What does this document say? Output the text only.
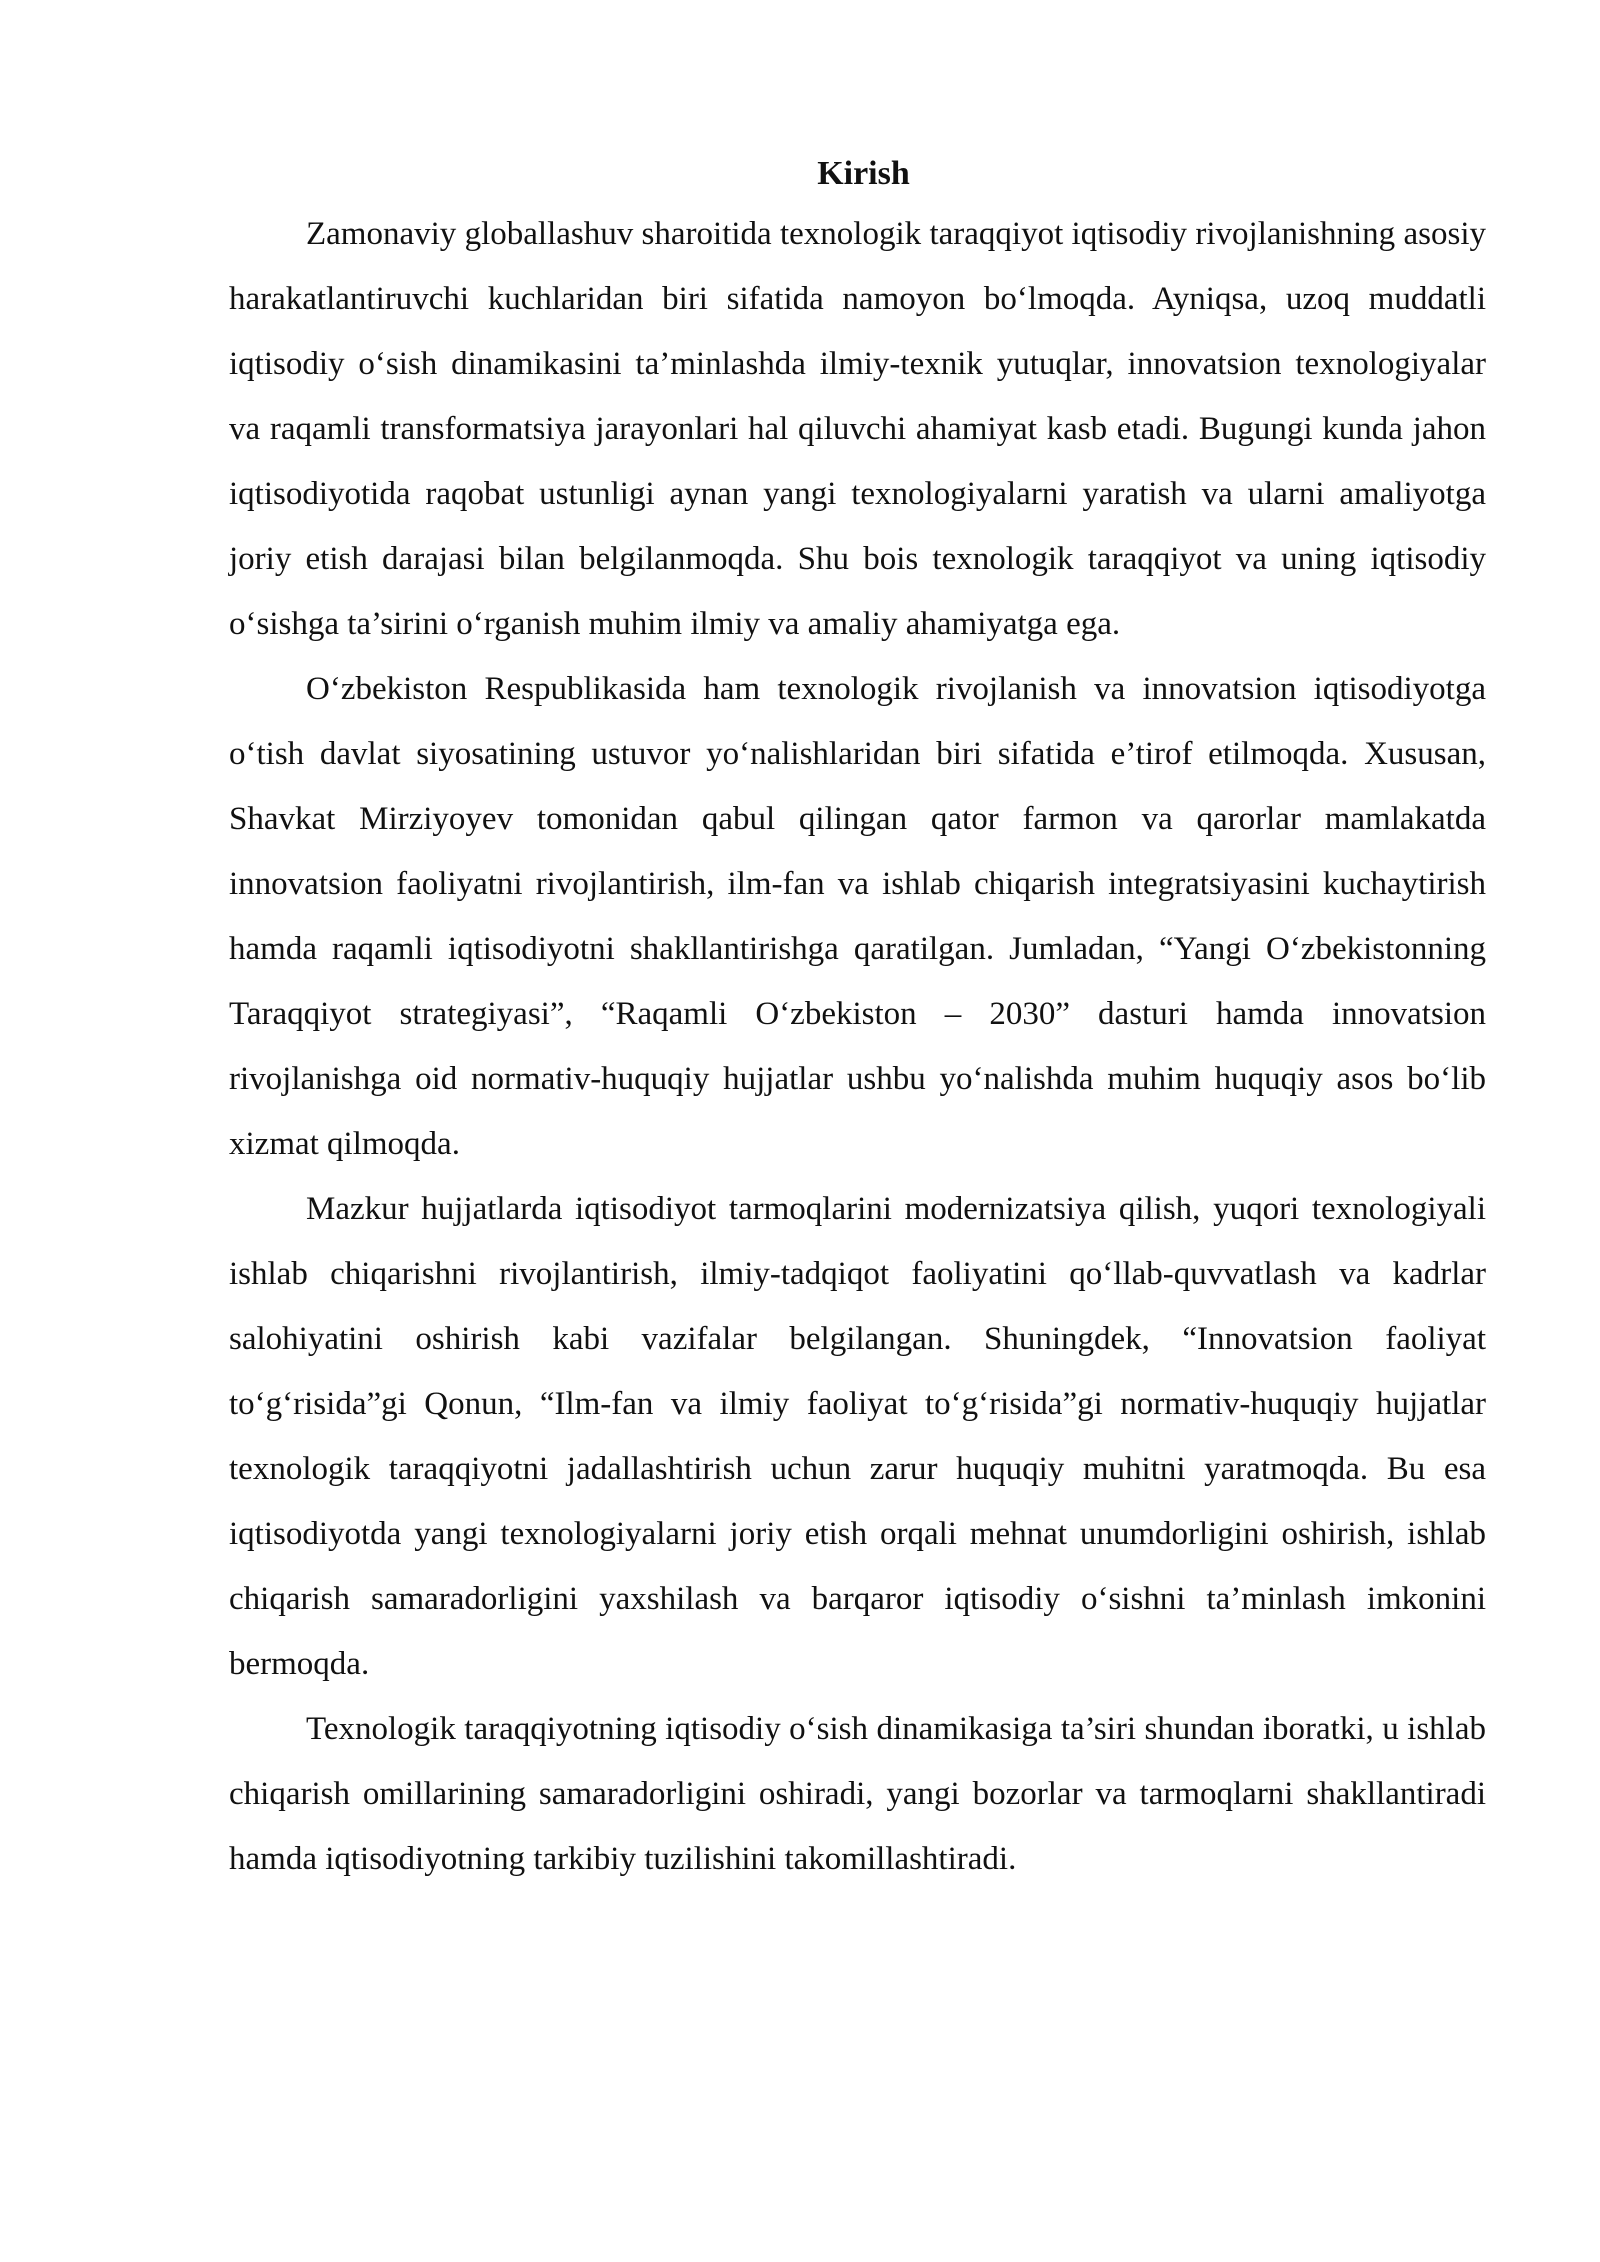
Kirish

Zamonaviy globallashuv sharoitida texnologik taraqqiyot iqtisodiy rivojlanishning asosiy harakatlantiruvchi kuchlaridan biri sifatida namoyon boʻlmoqda. Ayniqsa, uzoq muddatli iqtisodiy oʻsish dinamikasini ta’minlashda ilmiy-texnik yutuqlar, innovatsion texnologiyalar va raqamli transformatsiya jarayonlari hal qiluvchi ahamiyat kasb etadi. Bugungi kunda jahon iqtisodiyotida raqobat ustunligi aynan yangi texnologiyalarni yaratish va ularni amaliyotga joriy etish darajasi bilan belgilanmoqda. Shu bois texnologik taraqqiyot va uning iqtisodiy oʻsishga ta’sirini oʻrganish muhim ilmiy va amaliy ahamiyatga ega.

Oʻzbekiston Respublikasida ham texnologik rivojlanish va innovatsion iqtisodiyotga oʻtish davlat siyosatining ustuvor yoʻnalishlaridan biri sifatida e’tirof etilmoqda. Xususan, Shavkat Mirziyoyev tomonidan qabul qilingan qator farmon va qarorlar mamlakatda innovatsion faoliyatni rivojlantirish, ilm-fan va ishlab chiqarish integratsiyasini kuchaytirish hamda raqamli iqtisodiyotni shakllantirishga qaratilgan. Jumladan, “Yangi Oʻzbekistonning Taraqqiyot strategiyasi”, “Raqamli Oʻzbekiston – 2030” dasturi hamda innovatsion rivojlanishga oid normativ-huquqiy hujjatlar ushbu yoʻnalishda muhim huquqiy asos boʻlib xizmat qilmoqda.

Mazkur hujjatlarda iqtisodiyot tarmoqlarini modernizatsiya qilish, yuqori texnologiyali ishlab chiqarishni rivojlantirish, ilmiy-tadqiqot faoliyatini qoʻllab-quvvatlash va kadrlar salohiyatini oshirish kabi vazifalar belgilangan. Shuningdek, “Innovatsion faoliyat toʻgʻrisida”gi Qonun, “Ilm-fan va ilmiy faoliyat toʻgʻrisida”gi normativ-huquqiy hujjatlar texnologik taraqqiyotni jadallashtirish uchun zarur huquqiy muhitni yaratmoqda. Bu esa iqtisodiyotda yangi texnologiyalarni joriy etish orqali mehnat unumdorligini oshirish, ishlab chiqarish samaradorligini yaxshilash va barqaror iqtisodiy oʻsishni ta’minlash imkonini bermoqda.

Texnologik taraqqiyotning iqtisodiy oʻsish dinamikasiga ta’siri shundan iboratki, u ishlab chiqarish omillarining samaradorligini oshiradi, yangi bozorlar va tarmoqlarni shakllantiradi hamda iqtisodiyotning tarkibiy tuzilishini takomillashtiradi.
